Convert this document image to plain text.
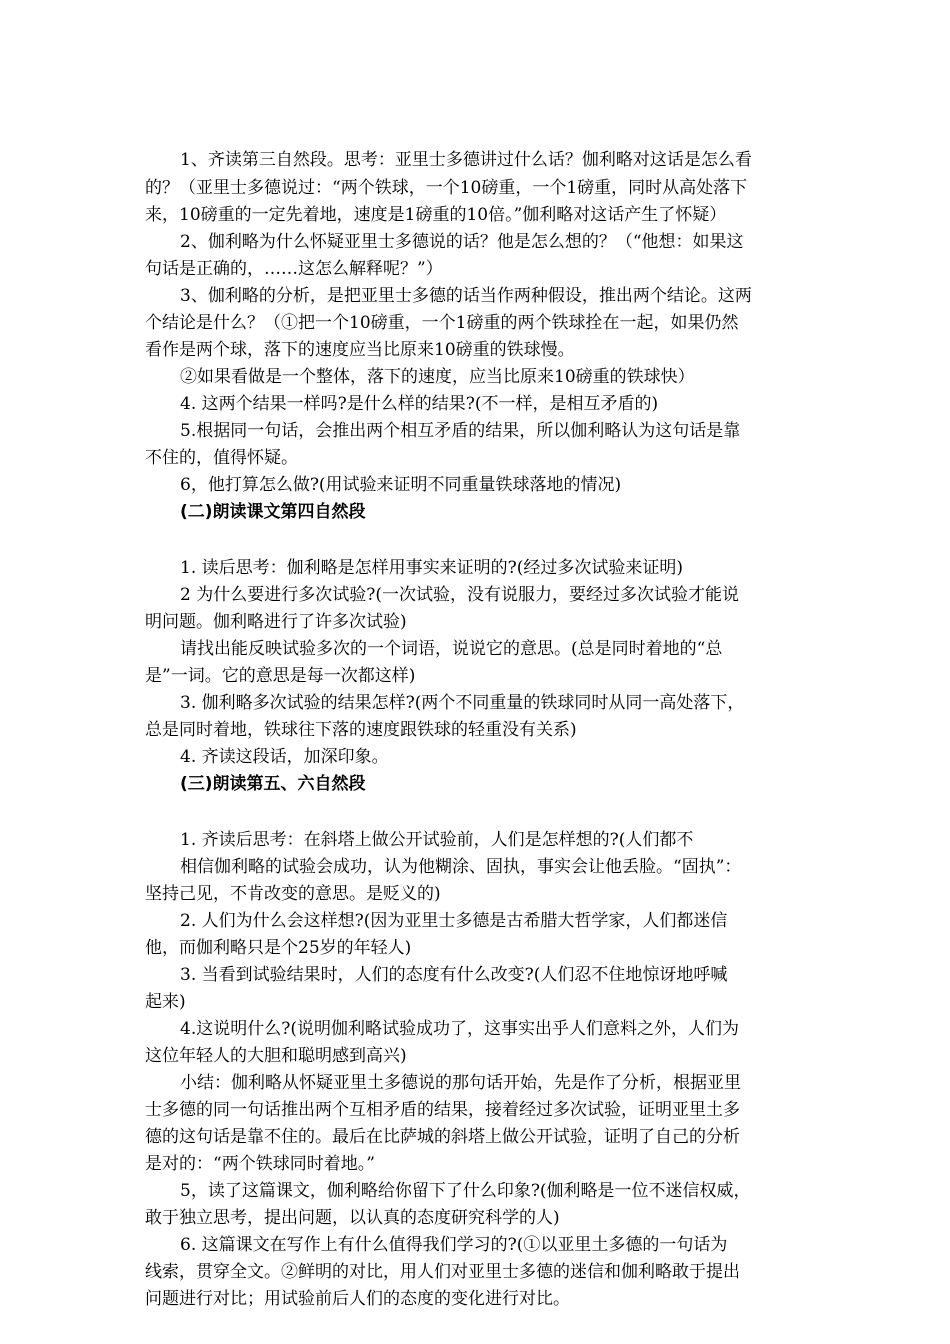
1、齐读第三自然段。思考：亚里士多德讲过什么话？伽利略对这话是怎么看
的？（亚里士多德说过：“两个铁球，一个10磅重，一个1磅重，同时从高处落下
来，10磅重的一定先着地，速度是1磅重的10倍。”伽利略对这话产生了怀疑）
2、伽利略为什么怀疑亚里士多德说的话？他是怎么想的？（“他想：如果这
句话是正确的，……这怎么解释呢？”）
3、伽利略的分析，是把亚里士多德的话当作两种假设，推出两个结论。这两
个结论是什么？（①把一个10磅重，一个1磅重的两个铁球拴在一起，如果仍然
看作是两个球，落下的速度应当比原来10磅重的铁球慢。
②如果看做是一个整体，落下的速度，应当比原来10磅重的铁球快）
4. 这两个结果一样吗?是什么样的结果?(不一样，是相互矛盾的)
5.根据同一句话，会推出两个相互矛盾的结果，所以伽利略认为这句话是靠
不住的，值得怀疑。
6，他打算怎么做?(用试验来证明不同重量铁球落地的情况)
(二)朗读课文第四自然段
1. 读后思考：伽利略是怎样用事实来证明的?(经过多次试验来证明)
2 为什么要进行多次试验?(一次试验，没有说服力，要经过多次试验才能说
明问题。伽利略进行了许多次试验)
请找出能反映试验多次的一个词语，说说它的意思。(总是同时着地的“总
是”一词。它的意思是每一次都这样)
3. 伽利略多次试验的结果怎样?(两个不同重量的铁球同时从同一高处落下，
总是同时着地，铁球往下落的速度跟铁球的轻重没有关系)
4. 齐读这段话，加深印象。
(三)朗读第五、六自然段
1. 齐读后思考：在斜塔上做公开试验前，人们是怎样想的?(人们都不
相信伽利略的试验会成功，认为他糊涂、固执，事实会让他丢脸。“固执”：
坚持己见，不肯改变的意思。是贬义的)
2. 人们为什么会这样想?(因为亚里士多德是古希腊大哲学家，人们都迷信
他，而伽利略只是个25岁的年轻人)
3. 当看到试验结果时，人们的态度有什么改变?(人们忍不住地惊讶地呼喊
起来)
4.这说明什么?(说明伽利略试验成功了，这事实出乎人们意料之外，人们为
这位年轻人的大胆和聪明感到高兴)
小结：伽利略从怀疑亚里土多德说的那句话开始，先是作了分析，根据亚里
士多德的同一句话推出两个互相矛盾的结果，接着经过多次试验，证明亚里土多
德的这句话是靠不住的。最后在比萨城的斜塔上做公开试验，证明了自己的分析
是对的：“两个铁球同时着地。”
5，读了这篇课文，伽利略给你留下了什么印象?(伽利略是一位不迷信权威，
敢于独立思考，提出问题，以认真的态度研究科学的人)
6. 这篇课文在写作上有什么值得我们学习的?(①以亚里土多德的一句话为
线索，贯穿全文。②鲜明的对比，用人们对亚里士多德的迷信和伽利略敢于提出
问题进行对比；用试验前后人们的态度的变化进行对比。
